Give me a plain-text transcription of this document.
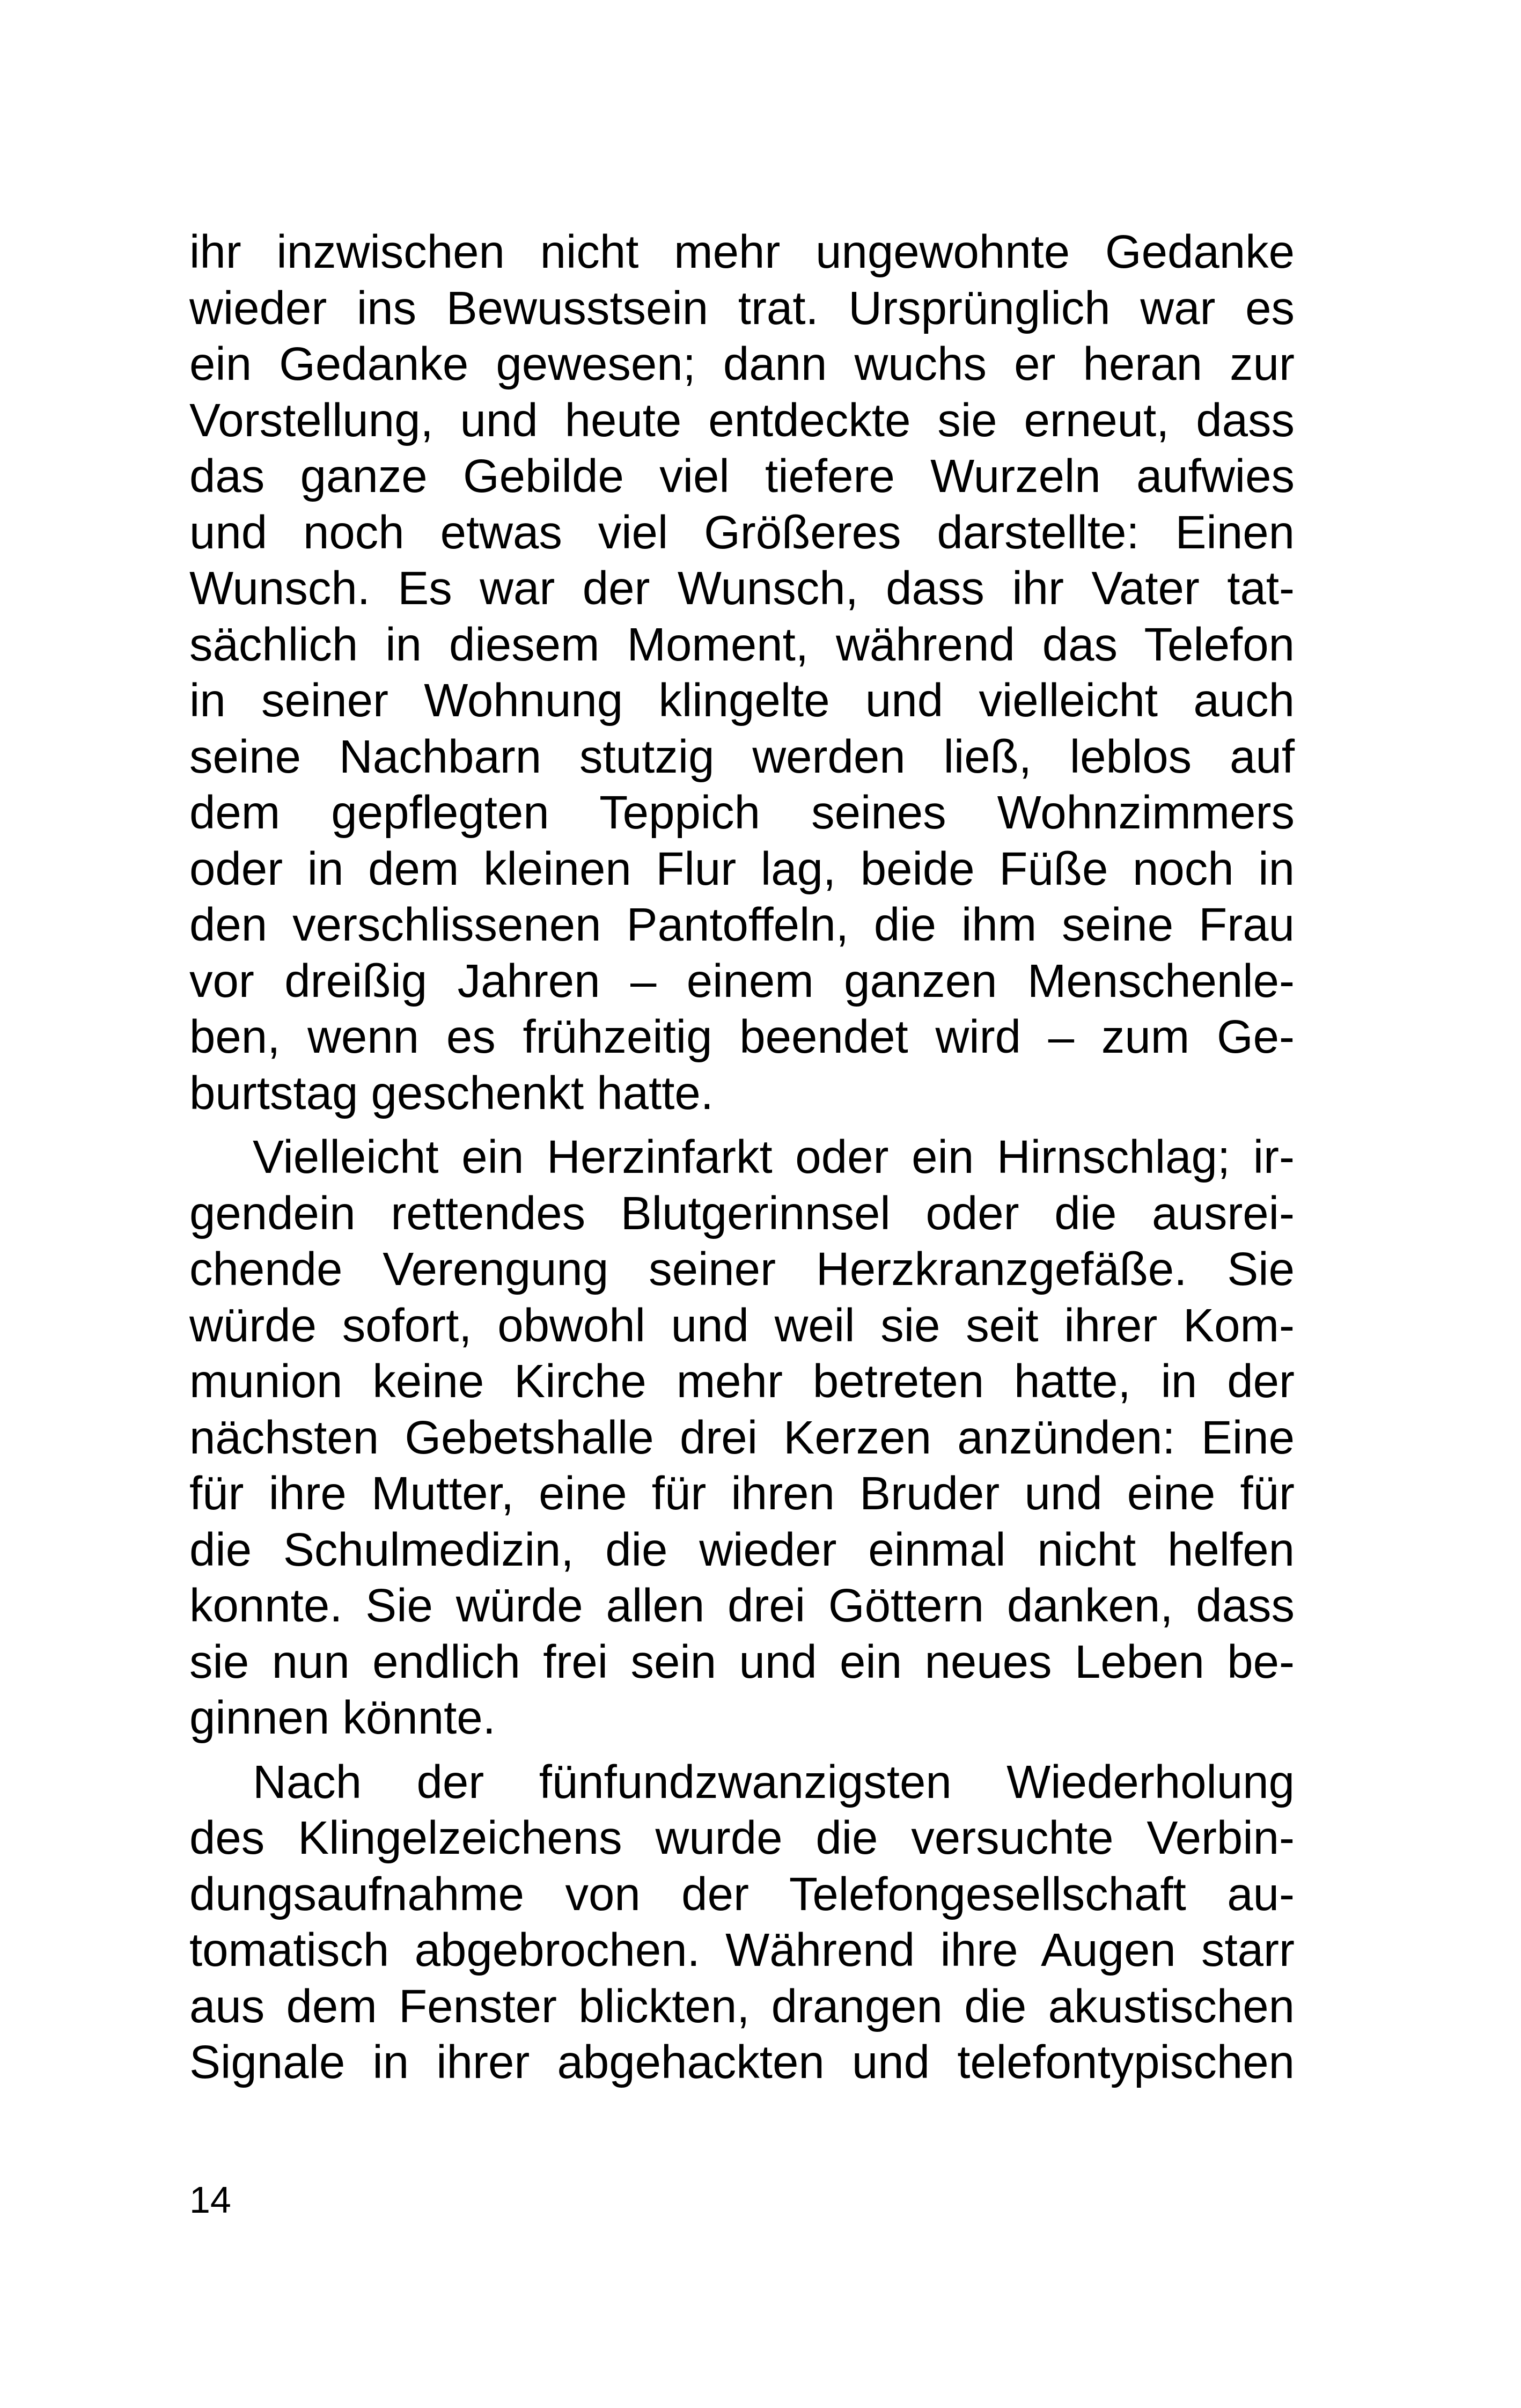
ihr inzwischen nicht mehr ungewohnte Gedanke
wieder ins Bewusstsein trat. Ursprünglich war es
ein Gedanke gewesen; dann wuchs er heran zur
Vorstellung, und heute entdeckte sie erneut, dass
das ganze Gebilde viel tiefere Wurzeln aufwies
und noch etwas viel Größeres darstellte: Einen
Wunsch. Es war der Wunsch, dass ihr Vater tat-
sächlich in diesem Moment, während das Telefon
in seiner Wohnung klingelte und vielleicht auch
seine Nachbarn stutzig werden ließ, leblos auf
dem gepflegten Teppich seines Wohnzimmers
oder in dem kleinen Flur lag, beide Füße noch in
den verschlissenen Pantoffeln, die ihm seine Frau
vor dreißig Jahren – einem ganzen Menschenle-
ben, wenn es frühzeitig beendet wird – zum Ge-
burtstag geschenkt hatte.
Vielleicht ein Herzinfarkt oder ein Hirnschlag; ir-
gendein rettendes Blutgerinnsel oder die ausrei-
chende Verengung seiner Herzkranzgefäße. Sie
würde sofort, obwohl und weil sie seit ihrer Kom-
munion keine Kirche mehr betreten hatte, in der
nächsten Gebetshalle drei Kerzen anzünden: Eine
für ihre Mutter, eine für ihren Bruder und eine für
die Schulmedizin, die wieder einmal nicht helfen
konnte. Sie würde allen drei Göttern danken, dass
sie nun endlich frei sein und ein neues Leben be-
ginnen könnte.
Nach der fünfundzwanzigsten Wiederholung
des Klingelzeichens wurde die versuchte Verbin-
dungsaufnahme von der Telefongesellschaft au-
tomatisch abgebrochen. Während ihre Augen starr
aus dem Fenster blickten, drangen die akustischen
Signale in ihrer abgehackten und telefontypischen
14
